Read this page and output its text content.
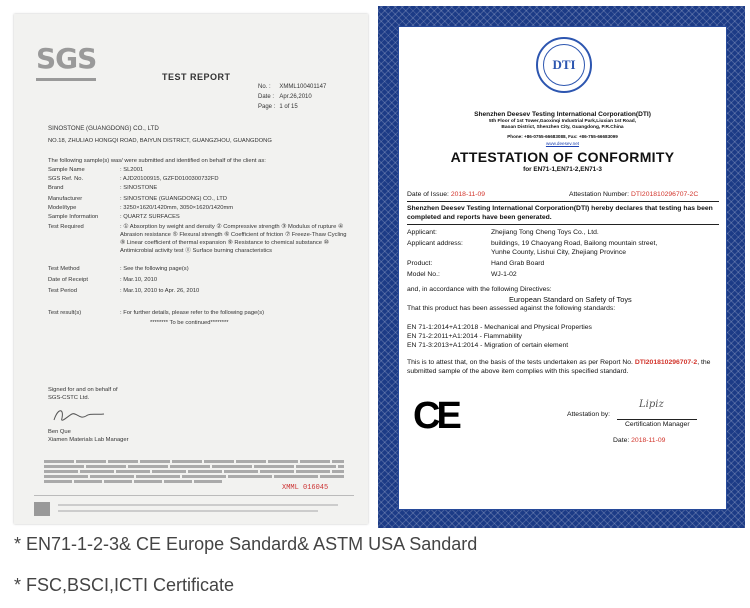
SGS
TEST REPORT
No. :	XMML100401147
Date :	Apr.26,2010
Page :	1 of 15
SINOSTONE (GUANGDONG) CO., LTD
NO.18, ZHULIAO HONGQI ROAD, BAIYUN DISTRICT, GUANGZHOU, GUANGDONG
The following sample(s) was/ were submitted and identified on behalf of the client as:
Sample Name	: SL2001
SGS Ref. No.	: AJD20100915, GZFD0100300732FD
Brand	: SINOSTONE
Manufacturer	: SINOSTONE (GUANGDONG) CO., LTD
Model/type	: 3250×1620/1420mm, 3050×1620/1420mm
Sample Information	: QUARTZ SURFACES
Test Required	: ① Absorption by weight and density ② Compressive strength ③ Modulus of rupture ④ Abrasion resistance ⑤ Flexural strength ⑥ Coefficient of friction ⑦ Freeze-Thaw Cycling ⑧ Linear coefficient of thermal expansion ⑨ Resistance to chemical substance ⑩ Antimicrobial activity test ⑪ Surface burning characteristics
Test Method	: See the following page(s)
Date of Receipt	: Mar.10, 2010
Test Period	: Mar.10, 2010 to Apr. 26, 2010
Test result(s)	: For further details, please refer to the following page(s)
******** To be continued********
Signed for and on behalf of
SGS-CSTC Ltd.
Ben Que
Xiamen Materials Lab Manager
XMML 016045
DTI
Shenzhen Deesev Testing International Corporation(DTI)
5th Floor of 1st Tower,Gaoxinqi Industrial Park,Liuxian 1st Road,
Baoan District, Shenzhen City, Guangdong, P.R.China
Phone: +86-0755-66683088, Fax: +86-755-66683099
www.deesev.net
ATTESTATION OF CONFORMITY
for EN71-1,EN71-2,EN71-3
Date of Issue: 2018-11-09	Attestation Number: DTI201810296707-2C
Shenzhen Deesev Testing International Corporation(DTI) hereby declares that testing has been completed and reports have been generated.
Applicant:	Zhejiang Tong Cheng Toys Co., Ltd.
Applicant address:	buildings, 19 Chaoyang Road, Bailong mountain street, Yunhe County, Lishui City, Zhejiang Province
Product:	Hand Grab Board
Model No.:	WJ-1-02
and, in accordance with the following Directives:
European Standard on Safety of Toys
That this product has been assessed against the following standards:
EN 71-1:2014+A1:2018 - Mechanical and Physical Properties
EN 71-2:2011+A1:2014 - Flammability
EN 71-3:2013+A1:2014 - Migration of certain element
This is to attest that, on the basis of the tests undertaken as per Report No. DTI201810296707-2, the submitted sample of the above item complies with this specified standard.
CE	Attestation by:
Lipiz
Certification Manager
Date: 2018-11-09
* EN71-1-2-3& CE Europe Sandard& ASTM USA Sandard
* FSC,BSCI,ICTI Certificate
